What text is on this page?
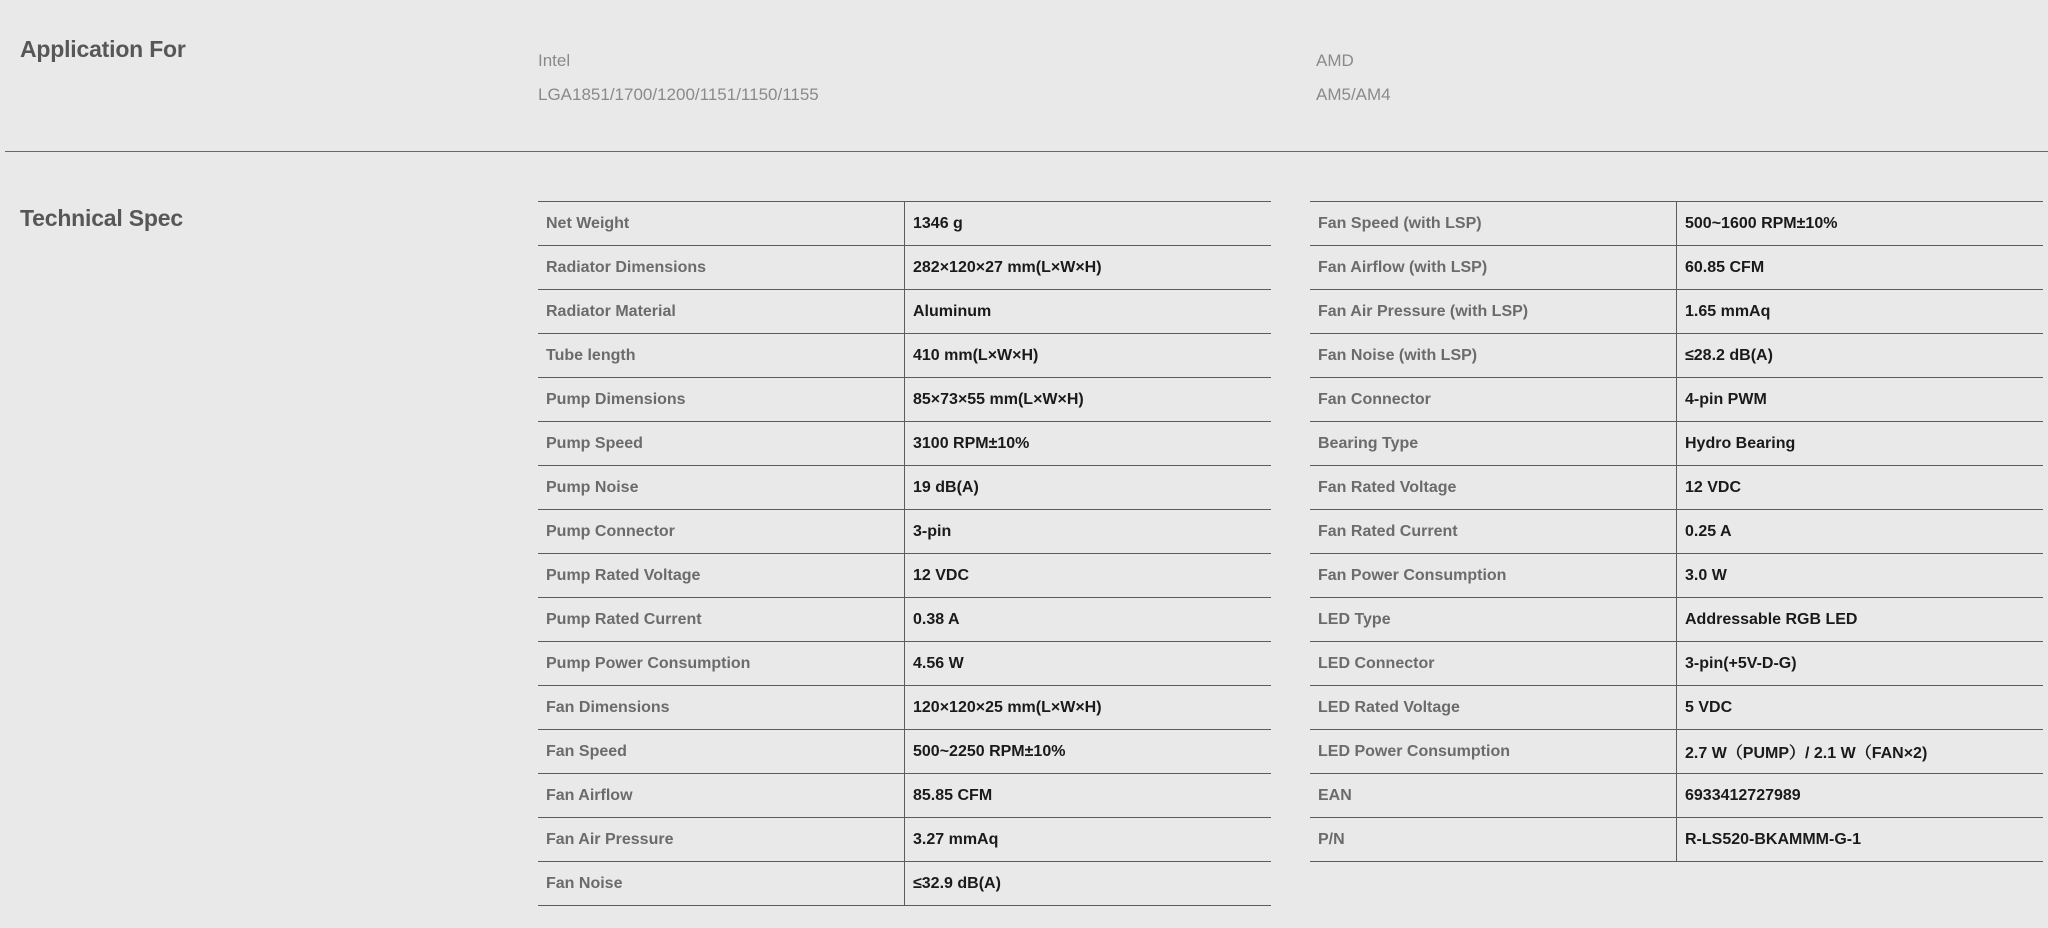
Application For	Intel
LGA1851/1700/1200/1151/1150/1155
AMD
AM5/AM4
Technical Spec	Net Weight	1346 g
Radiator Dimensions	282×120×27 mm(L×W×H)
Radiator Material	Aluminum
Tube length	410 mm(L×W×H)
Pump Dimensions	85×73×55 mm(L×W×H)
Pump Speed	3100 RPM±10%
Pump Noise	19 dB(A)
Pump Connector	3-pin
Pump Rated Voltage	12 VDC
Pump Rated Current	0.38 A
Pump Power Consumption	4.56 W
Fan Dimensions	120×120×25 mm(L×W×H)
Fan Speed	500~2250 RPM±10%
Fan Airflow	85.85 CFM
Fan Air Pressure	3.27 mmAq
Fan Noise	≤32.9 dB(A)
Fan Speed (with LSP)	500~1600 RPM±10%
Fan Airflow (with LSP)	60.85 CFM
Fan Air Pressure (with LSP)	1.65 mmAq
Fan Noise (with LSP)	≤28.2 dB(A)
Fan Connector	4-pin PWM
Bearing Type	Hydro Bearing
Fan Rated Voltage	12 VDC
Fan Rated Current	0.25 A
Fan Power Consumption	3.0 W
LED Type	Addressable RGB LED
LED Connector	3-pin(+5V-D-G)
LED Rated Voltage	5 VDC
LED Power Consumption	2.7 W（PUMP）/ 2.1 W（FAN×2)
EAN	6933412727989
P/N	R-LS520-BKAMMM-G-1
